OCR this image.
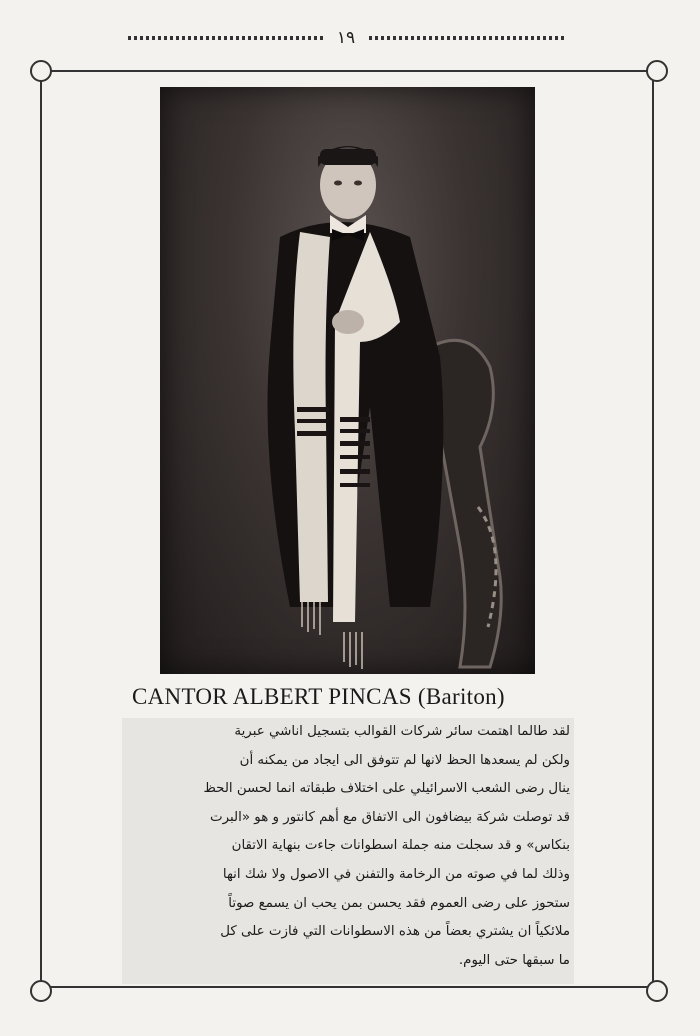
١٩
CANTOR ALBERT PINCAS (Bariton)
لقد طالما اهتمت سائر شركات القوالب بتسجيل اناشي عبرية
ولكن لم يسعدها الحظ لانها لم تتوفق الى ايجاد من يمكنه أن
ينال رضى الشعب الاسرائيلي على اختلاف طبقاته انما لحسن الحظ
قد توصلت شركة بيضافون الى الاتفاق مع أهم كانتور و هو «البرت
بنكاس» و قد سجلت منه جملة اسطوانات جاءت بنهاية الاتقان
وذلك لما في صوته من الرخامة والتفنن في الاصول ولا شك انها
ستحوز على رضى العموم فقد يحسن بمن يحب ان يسمع صوتاً
ملائكياً ان يشتري بعضاً من هذه الاسطوانات التي فازت على كل
ما سبقها حتى اليوم.
